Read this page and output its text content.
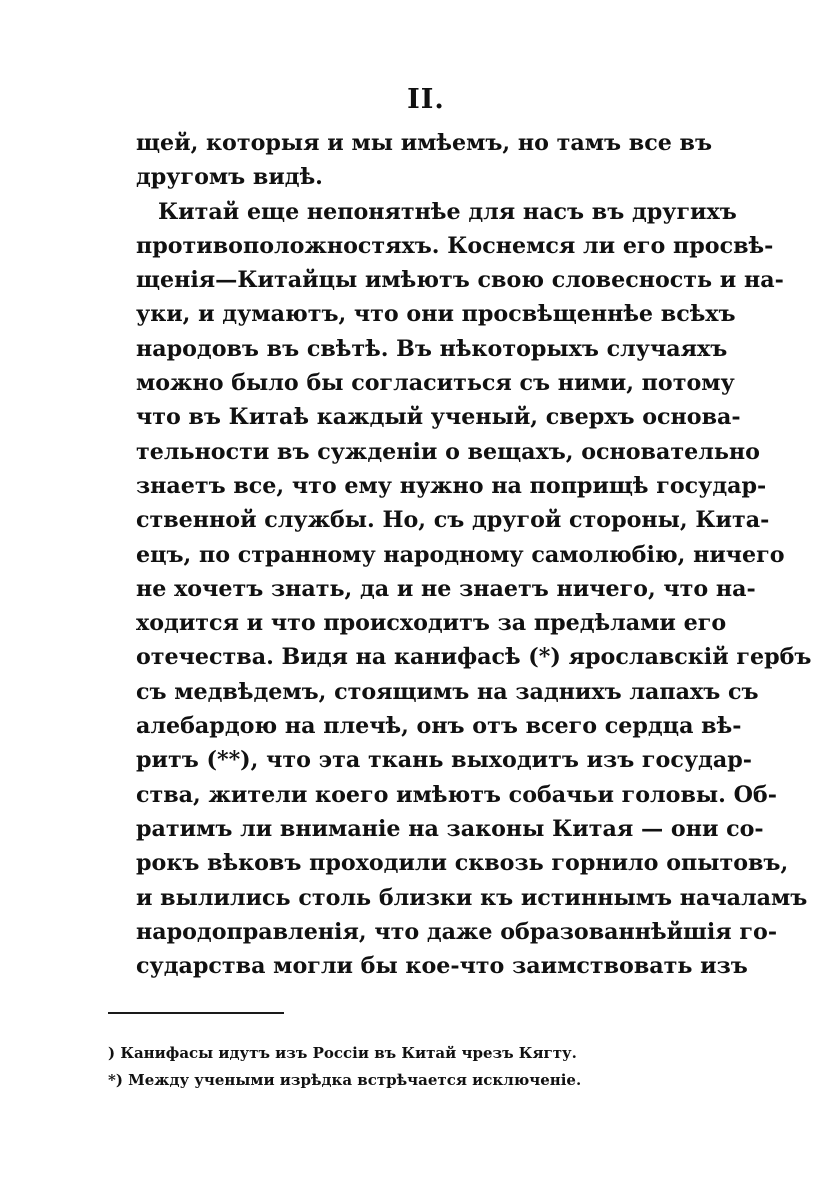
II.
щей, которыя и мы имѣемъ, но тамъ все въ
другомъ видѣ.
Китай еще непонятнѣе для насъ въ другихъ
противоположностяхъ. Коснемся ли его просвѣ-
щенія—Китайцы имѣютъ свою словесность и на-
уки, и думаютъ, что они просвѣщеннѣе всѣхъ
народовъ въ свѣтѣ. Въ нѣкоторыхъ случаяхъ
можно было бы согласиться съ ними, потому
что въ Китаѣ каждый ученый, сверхъ основа-
тельности въ сужденіи о вещахъ, основательно
знаетъ все, что ему нужно на поприщѣ государ-
ственной службы. Но, съ другой стороны, Китa-
ецъ, по странному народному самолюбію, ничего
не хочетъ знать, да и не знаетъ ничего, что на-
ходится и что происходитъ за предѣлами его
отечества. Видя на канифасѣ (*) ярославскій гербъ
съ медвѣдемъ, стоящимъ на заднихъ лапахъ съ
алебардою на плечѣ, онъ отъ всего сердца вѣ-
ритъ (**), что эта ткань выходитъ изъ государ-
ства, жители коего имѣютъ собачьи головы. Об-
ратимъ ли вниманіе на законы Китая — они со-
рокъ вѣковъ проходили сквозь горнило опытовъ,
и вылились столь близки къ истиннымъ началамъ
народоправленія, что даже образованнѣйшія го-
сударства могли бы кое-что заимствовать изъ
) Канифасы идутъ изъ Россіи въ Китай чрезъ Кягту.
*) Между учеными изрѣдка встрѣчается исключеніе.
